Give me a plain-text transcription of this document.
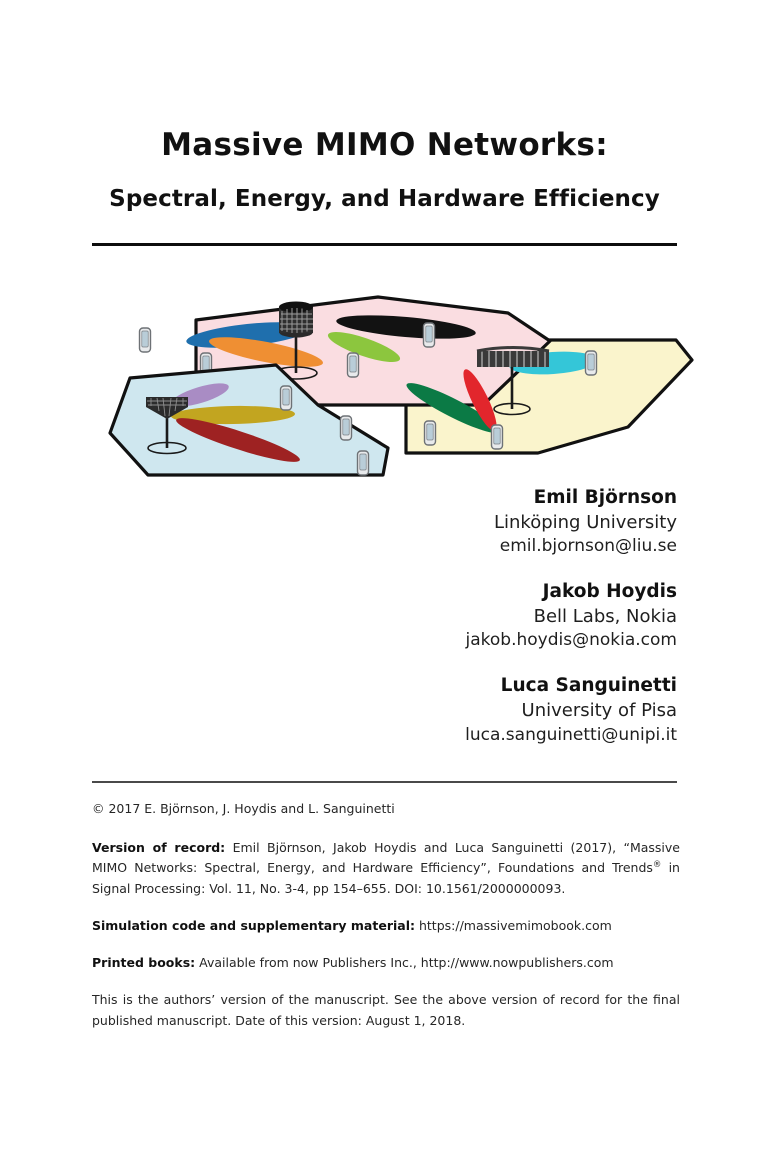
Massive MIMO Networks:
Spectral, Energy, and Hardware Efficiency
Emil Björnson
Linköping University
emil.bjornson@liu.se
Jakob Hoydis
Bell Labs, Nokia
jakob.hoydis@nokia.com
Luca Sanguinetti
University of Pisa
luca.sanguinetti@unipi.it
© 2017 E. Björnson, J. Hoydis and L. Sanguinetti
Version of record: Emil Björnson, Jakob Hoydis and Luca Sanguinetti (2017), “Massive MIMO Networks: Spectral, Energy, and Hardware Efficiency”, Foundations and Trends® in Signal Processing: Vol. 11, No. 3-4, pp 154–655. DOI: 10.1561/2000000093.
Simulation code and supplementary material: https://massivemimobook.com
Printed books: Available from now Publishers Inc., http://www.nowpublishers.com
This is the authors’ version of the manuscript. See the above version of record for the final published manuscript. Date of this version: August 1, 2018.
